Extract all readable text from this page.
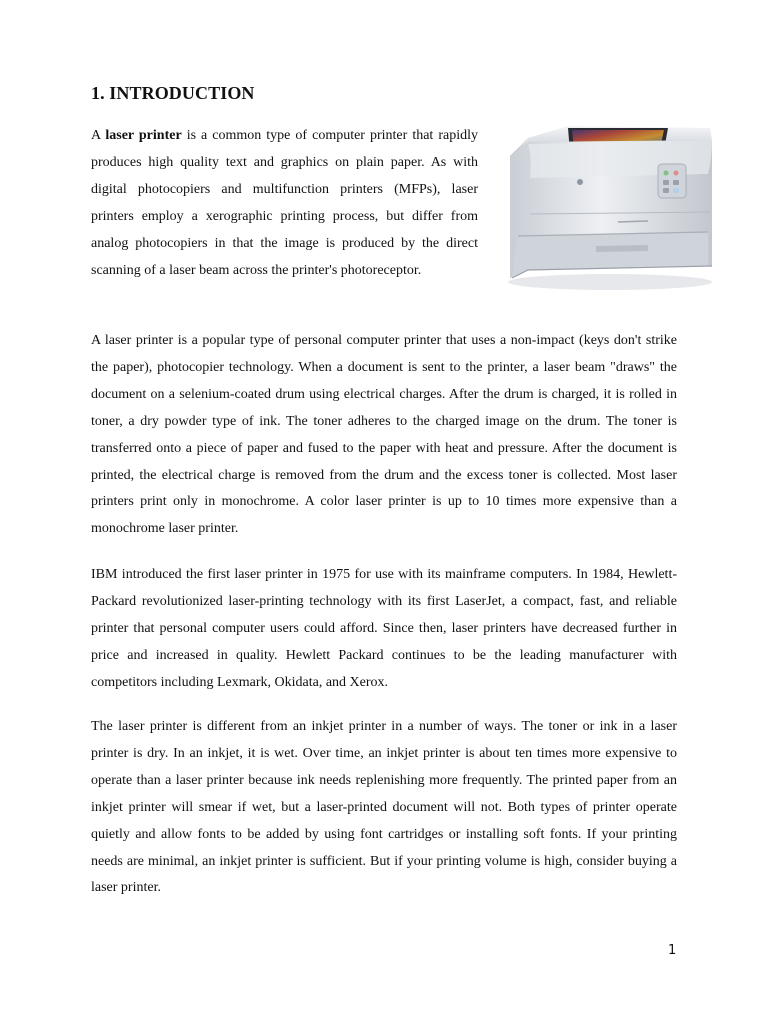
1. INTRODUCTION

A laser printer is a common type of computer printer that rapidly produces high quality text and graphics on plain paper. As with digital photocopiers and multifunction printers (MFPs), laser printers employ a xerographic printing process, but differ from analog photocopiers in that the image is produced by the direct scanning of a laser beam across the printer's photoreceptor.

A laser printer is a popular type of personal computer printer that uses a non-impact (keys don't strike the paper), photocopier technology. When a document is sent to the printer, a laser beam "draws" the document on a selenium-coated drum using electrical charges. After the drum is charged, it is rolled in toner, a dry powder type of ink. The toner adheres to the charged image on the drum. The toner is transferred onto a piece of paper and fused to the paper with heat and pressure. After the document is printed, the electrical charge is removed from the drum and the excess toner is collected. Most laser printers print only in monochrome. A color laser printer is up to 10 times more expensive than a monochrome laser printer.

IBM introduced the first laser printer in 1975 for use with its mainframe computers. In 1984, Hewlett-Packard revolutionized laser-printing technology with its first LaserJet, a compact, fast, and reliable printer that personal computer users could afford. Since then, laser printers have decreased further in price and increased in quality. Hewlett Packard continues to be the leading manufacturer with competitors including Lexmark, Okidata, and Xerox.

The laser printer is different from an inkjet printer in a number of ways. The toner or ink in a laser printer is dry. In an inkjet, it is wet. Over time, an inkjet printer is about ten times more expensive to operate than a laser printer because ink needs replenishing more frequently. The printed paper from an inkjet printer will smear if wet, but a laser-printed document will not. Both types of printer operate quietly and allow fonts to be added by using font cartridges or installing soft fonts. If your printing needs are minimal, an inkjet printer is sufficient. But if your printing volume is high, consider buying a laser printer.

1
